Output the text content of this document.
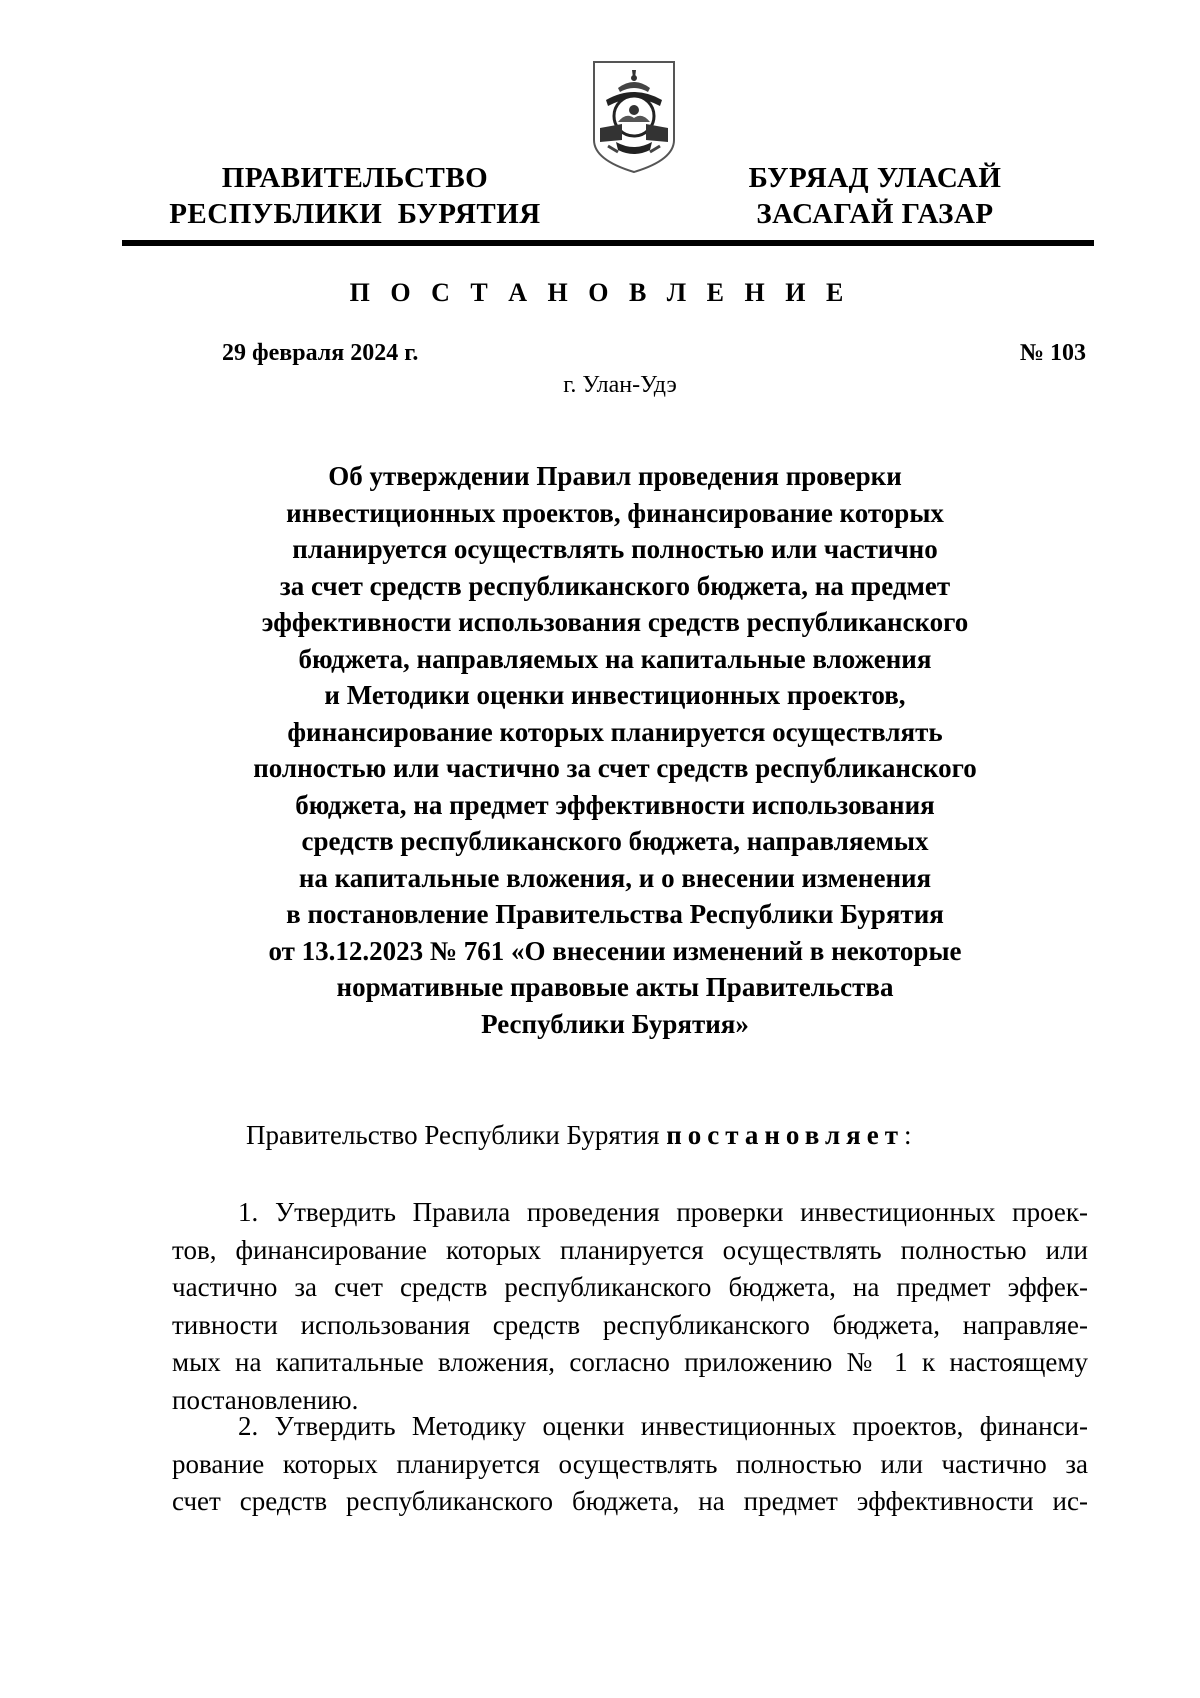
ПРАВИТЕЛЬСТВО
РЕСПУБЛИКИ  БУРЯТИЯ
БУРЯАД УЛАСАЙ
ЗАСАГАЙ ГАЗАР
П О С Т А Н О В Л Е Н И Е
29 февраля 2024 г.	№ 103
г. Улан-Удэ
Об утверждении Правил проведения проверки
инвестиционных проектов, финансирование которых
планируется осуществлять полностью или частично
за счет средств республиканского бюджета, на предмет
эффективности использования средств республиканского
бюджета, направляемых на капитальные вложения
и Методики оценки инвестиционных проектов,
финансирование которых планируется осуществлять
полностью или частично за счет средств республиканского
бюджета, на предмет эффективности использования
средств республиканского бюджета, направляемых
на капитальные вложения, и о внесении изменения
в постановление Правительства Республики Бурятия
от 13.12.2023 № 761 «О внесении изменений в некоторые
нормативные правовые акты Правительства
Республики Бурятия»
Правительство Республики Бурятия постановляет:
1. Утвердить Правила проведения проверки инвестиционных проек-
тов, финансирование которых планируется осуществлять полностью или
частично за счет средств республиканского бюджета, на предмет эффек-
тивности использования средств республиканского бюджета, направляе-
мых на капитальные вложения, согласно приложению № 1 к настоящему
постановлению.
2. Утвердить Методику оценки инвестиционных проектов, финанси-
рование которых планируется осуществлять полностью или частично за
счет средств республиканского бюджета, на предмет эффективности ис-
